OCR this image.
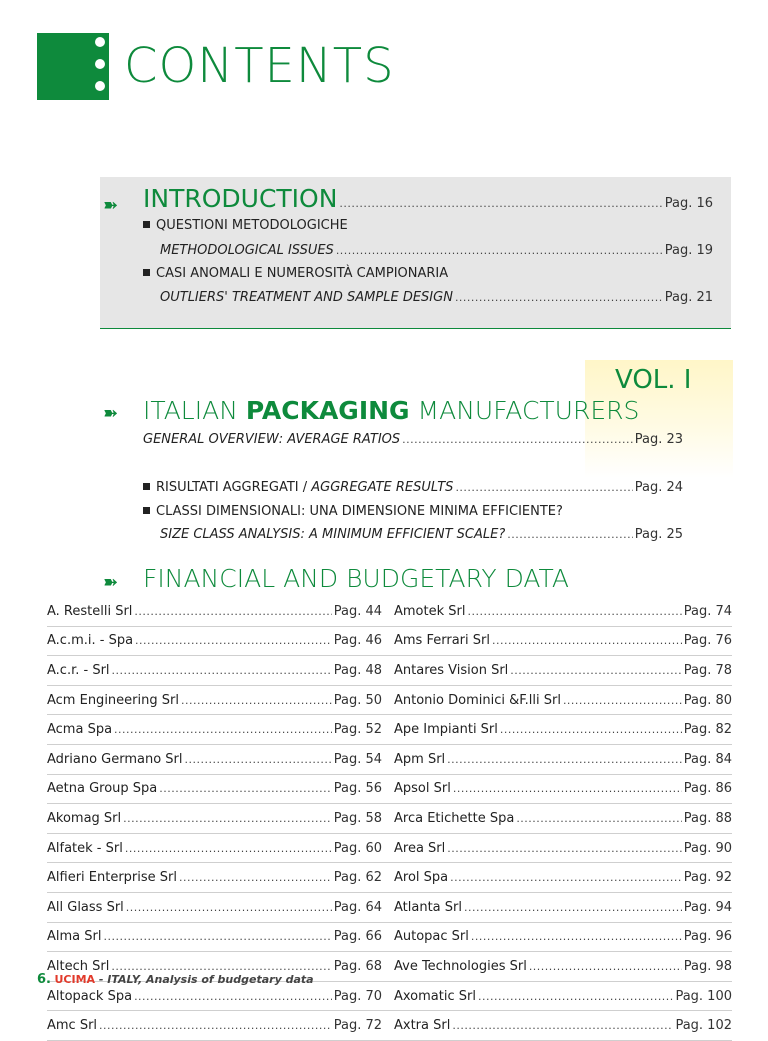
CONTENTS
➽ INTRODUCTION .....	Pag. 16
QUESTIONI METODOLOGICHE
METHODOLOGICAL ISSUES .....	Pag. 19
CASI ANOMALI E NUMEROSITÀ CAMPIONARIA
OUTLIERS' TREATMENT AND SAMPLE DESIGN .....	Pag. 21
VOL. I
➽ ITALIAN PACKAGING MANUFACTURERS
GENERAL OVERVIEW: AVERAGE RATIOS .....	Pag. 23
RISULTATI AGGREGATI / AGGREGATE RESULTS .....	Pag. 24
CLASSI DIMENSIONALI: UNA DIMENSIONE MINIMA EFFICIENTE?
SIZE CLASS ANALYSIS: A MINIMUM EFFICIENT SCALE? .....	Pag. 25
➽ FINANCIAL AND BUDGETARY DATA
A. Restelli Srl .....	Pag. 44 Amotek Srl .....	Pag. 74
A.c.m.i. - Spa .....	Pag. 46 Ams Ferrari Srl .....	Pag. 76
A.c.r. - Srl .....	Pag. 48 Antares Vision Srl .....	Pag. 78
Acm Engineering Srl .....	Pag. 50 Antonio Dominici &F.lli Srl .....	Pag. 80
Acma Spa .....	Pag. 52 Ape Impianti Srl .....	Pag. 82
Adriano Germano Srl .....	Pag. 54 Apm Srl .....	Pag. 84
Aetna Group Spa .....	Pag. 56 Apsol Srl .....	Pag. 86
Akomag Srl .....	Pag. 58 Arca Etichette Spa .....	Pag. 88
Alfatek - Srl .....	Pag. 60 Area Srl .....	Pag. 90
Alfieri Enterprise Srl .....	Pag. 62 Arol Spa .....	Pag. 92
All Glass Srl .....	Pag. 64 Atlanta Srl .....	Pag. 94
Alma Srl .....	Pag. 66 Autopac Srl .....	Pag. 96
Altech Srl .....	Pag. 68 Ave Technologies Srl .....	Pag. 98
Altopack Spa .....	Pag. 70 Axomatic Srl .....	Pag. 100
Amc Srl .....	Pag. 72 Axtra Srl .....	Pag. 102
6. UCIMA - ITALY, Analysis of budgetary data
